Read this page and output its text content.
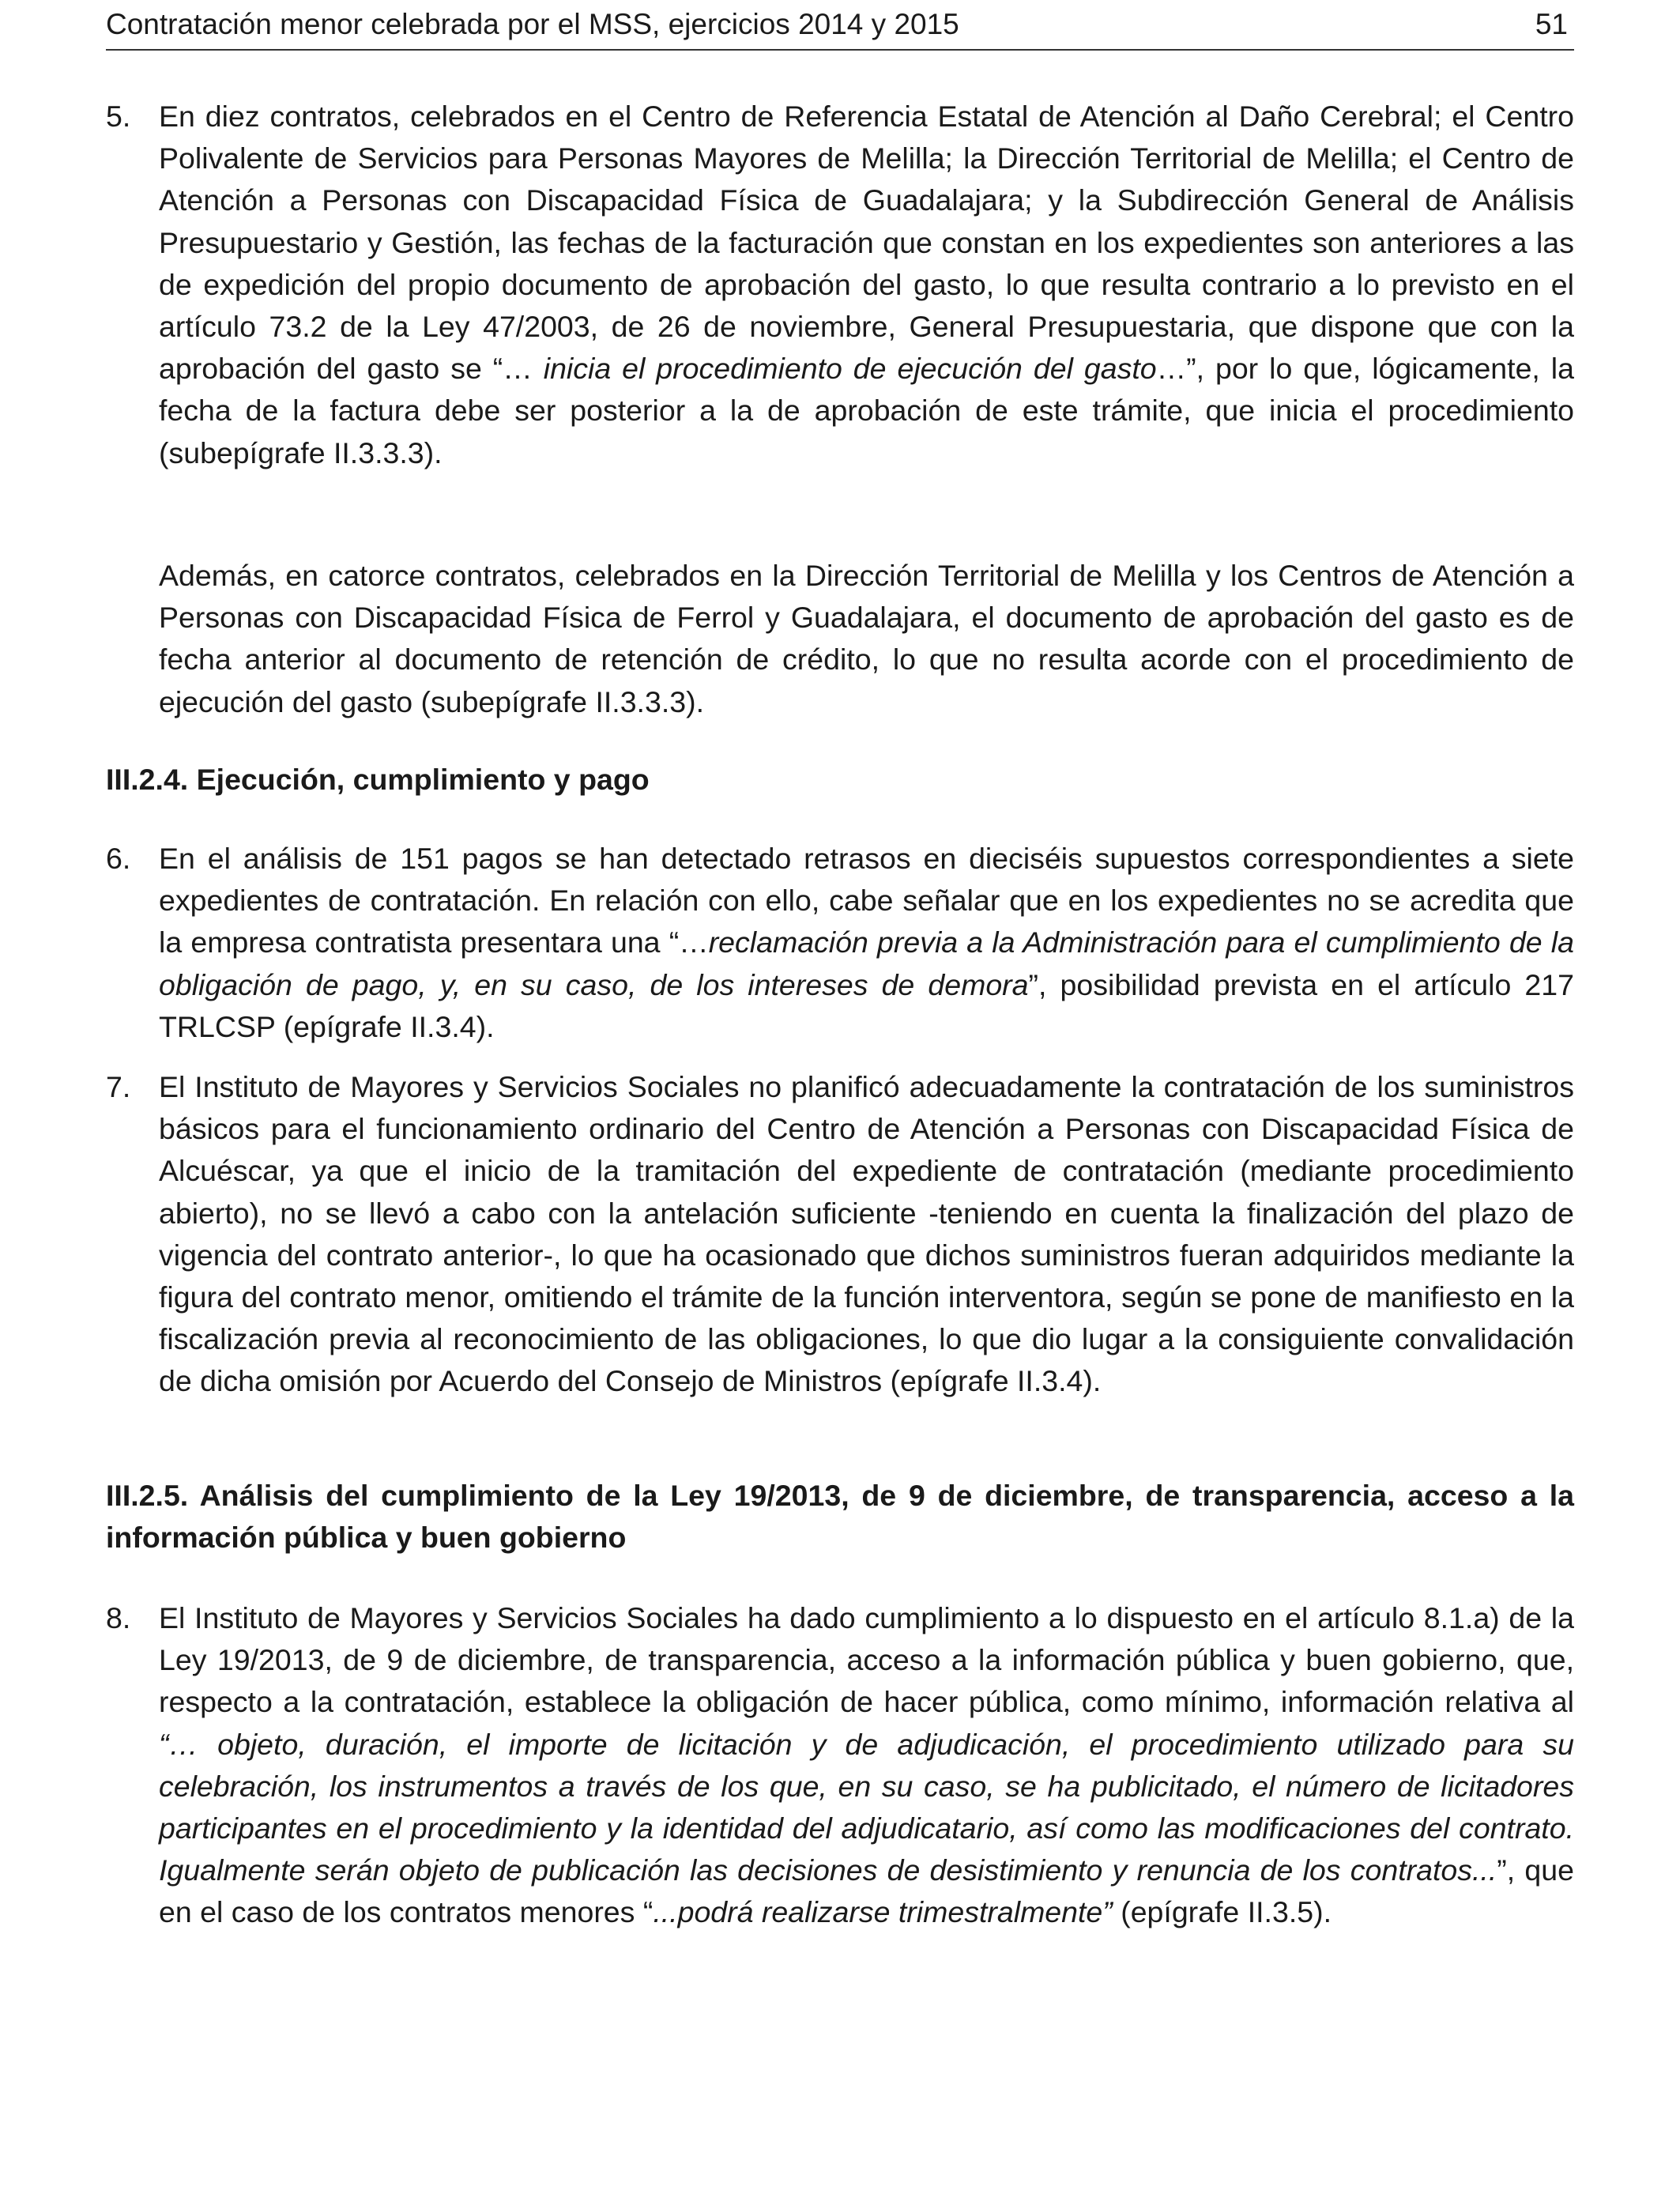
Contratación menor celebrada por el MSS, ejercicios 2014 y 2015	51
5. En diez contratos, celebrados en el Centro de Referencia Estatal de Atención al Daño Cerebral; el Centro Polivalente de Servicios para Personas Mayores de Melilla; la Dirección Territorial de Melilla; el Centro de Atención a Personas con Discapacidad Física de Guadalajara; y la Subdirección General de Análisis Presupuestario y Gestión, las fechas de la facturación que constan en los expedientes son anteriores a las de expedición del propio documento de aprobación del gasto, lo que resulta contrario a lo previsto en el artículo 73.2 de la Ley 47/2003, de 26 de noviembre, General Presupuestaria, que dispone que con la aprobación del gasto se “… inicia el procedimiento de ejecución del gasto…”, por lo que, lógicamente, la fecha de la factura debe ser posterior a la de aprobación de este trámite, que inicia el procedimiento (subepígrafe II.3.3.3).
Además, en catorce contratos, celebrados en la Dirección Territorial de Melilla y los Centros de Atención a Personas con Discapacidad Física de Ferrol y Guadalajara, el documento de aprobación del gasto es de fecha anterior al documento de retención de crédito, lo que no resulta acorde con el procedimiento de ejecución del gasto (subepígrafe II.3.3.3).
III.2.4. Ejecución, cumplimiento y pago
6. En el análisis de 151 pagos se han detectado retrasos en dieciséis supuestos correspondientes a siete expedientes de contratación. En relación con ello, cabe señalar que en los expedientes no se acredita que la empresa contratista presentara una “…reclamación previa a la Administración para el cumplimiento de la obligación de pago, y, en su caso, de los intereses de demora”, posibilidad prevista en el artículo 217 TRLCSP (epígrafe II.3.4).
7. El Instituto de Mayores y Servicios Sociales no planificó adecuadamente la contratación de los suministros básicos para el funcionamiento ordinario del Centro de Atención a Personas con Discapacidad Física de Alcuéscar, ya que el inicio de la tramitación del expediente de contratación (mediante procedimiento abierto), no se llevó a cabo con la antelación suficiente -teniendo en cuenta la finalización del plazo de vigencia del contrato anterior-, lo que ha ocasionado que dichos suministros fueran adquiridos mediante la figura del contrato menor, omitiendo el trámite de la función interventora, según se pone de manifiesto en la fiscalización previa al reconocimiento de las obligaciones, lo que dio lugar a la consiguiente convalidación de dicha omisión por Acuerdo del Consejo de Ministros (epígrafe II.3.4).
III.2.5. Análisis del cumplimiento de la Ley 19/2013, de 9 de diciembre, de transparencia, acceso a la información pública y buen gobierno
8. El Instituto de Mayores y Servicios Sociales ha dado cumplimiento a lo dispuesto en el artículo 8.1.a) de la Ley 19/2013, de 9 de diciembre, de transparencia, acceso a la información pública y buen gobierno, que, respecto a la contratación, establece la obligación de hacer pública, como mínimo, información relativa al “… objeto, duración, el importe de licitación y de adjudicación, el procedimiento utilizado para su celebración, los instrumentos a través de los que, en su caso, se ha publicitado, el número de licitadores participantes en el procedimiento y la identidad del adjudicatario, así como las modificaciones del contrato. Igualmente serán objeto de publicación las decisiones de desistimiento y renuncia de los contratos...”, que en el caso de los contratos menores “...podrá realizarse trimestralmente” (epígrafe II.3.5).
